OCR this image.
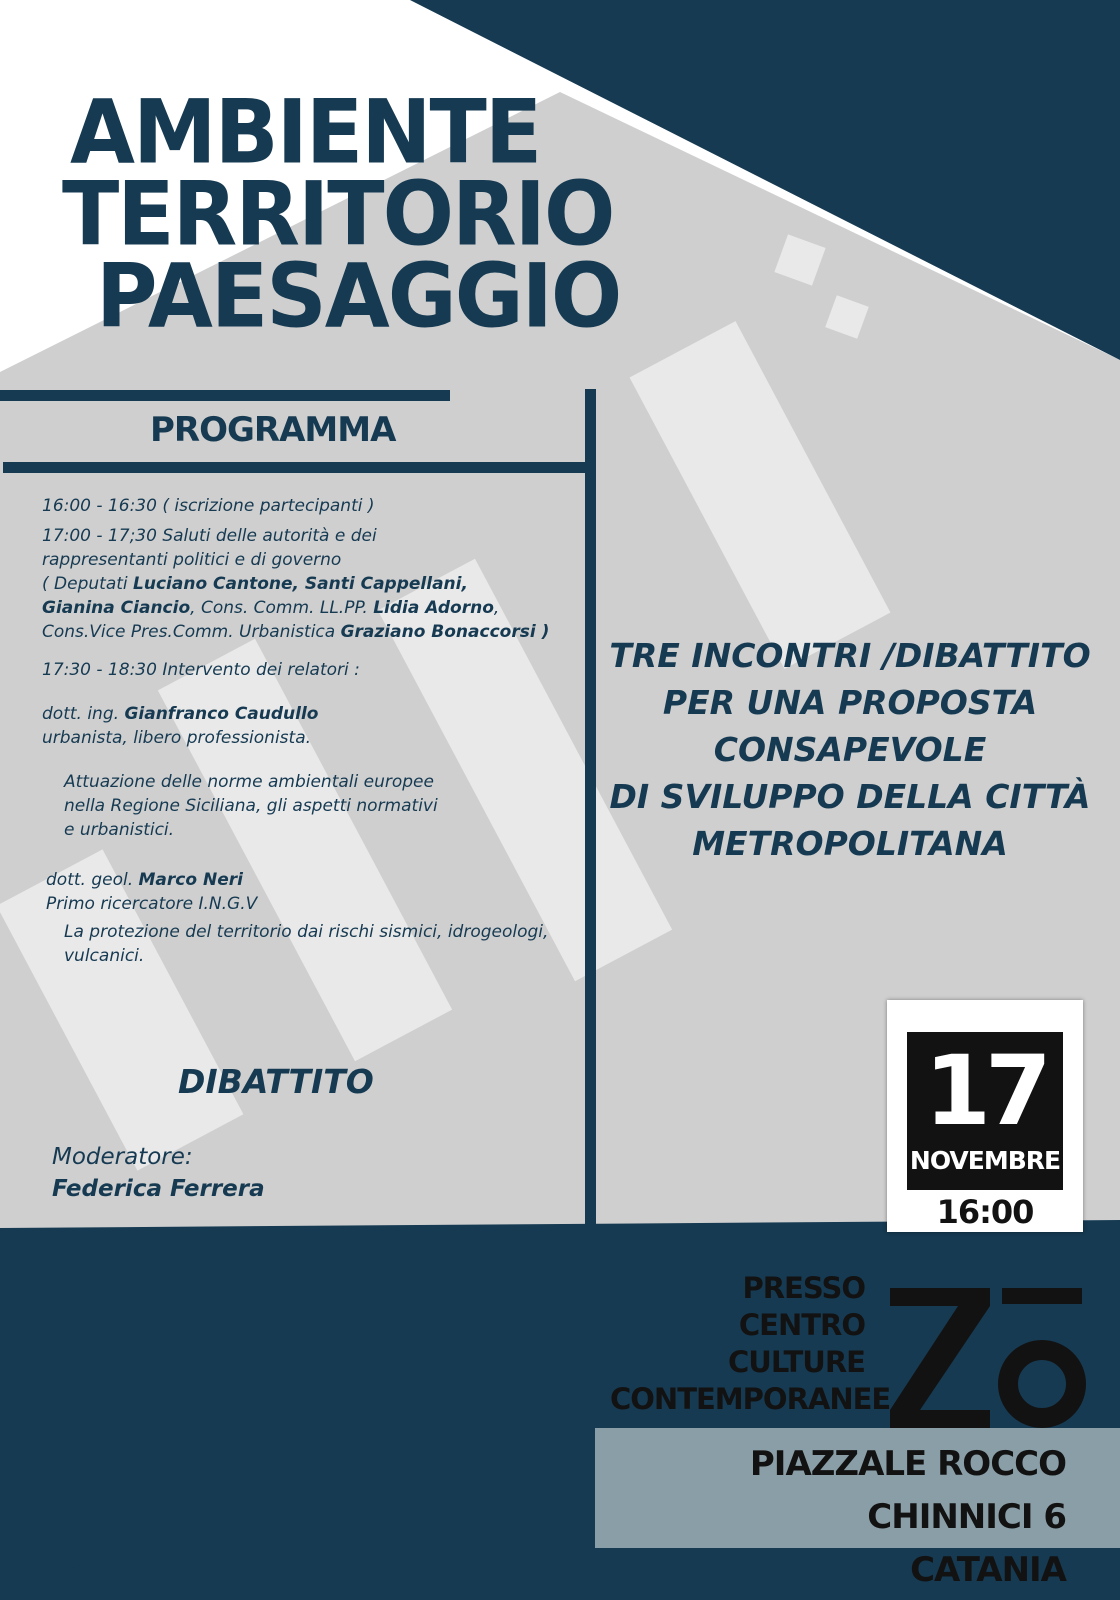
AMBIENTE
TERRITORIO
PAESAGGIO
PROGRAMMA
16:00 - 16:30 ( iscrizione partecipanti )
17:00 - 17;30 Saluti delle autorità e dei
rappresentanti politici e di governo
( Deputati Luciano Cantone, Santi Cappellani,
Gianina Ciancio, Cons. Comm. LL.PP. Lidia Adorno,
Cons.Vice Pres.Comm. Urbanistica Graziano Bonaccorsi )
17:30 - 18:30 Intervento dei relatori :
dott. ing. Gianfranco Caudullo
urbanista, libero professionista.
Attuazione delle norme ambientali europee
nella Regione Siciliana, gli aspetti normativi
e urbanistici.
dott. geol. Marco Neri
Primo ricercatore I.N.G.V
La protezione del territorio dai rischi sismici, idrogeologi,
vulcanici.
DIBATTITO
Moderatore:
Federica Ferrera
TRE INCONTRI /DIBATTITO
PER UNA PROPOSTA
CONSAPEVOLE
DI SVILUPPO DELLA CITTÀ
METROPOLITANA
17
NOVEMBRE
16:00
PRESSO
CENTRO
CULTURE
CONTEMPORANEE
PIAZZALE ROCCO CHINNICI 6
CATANIA
